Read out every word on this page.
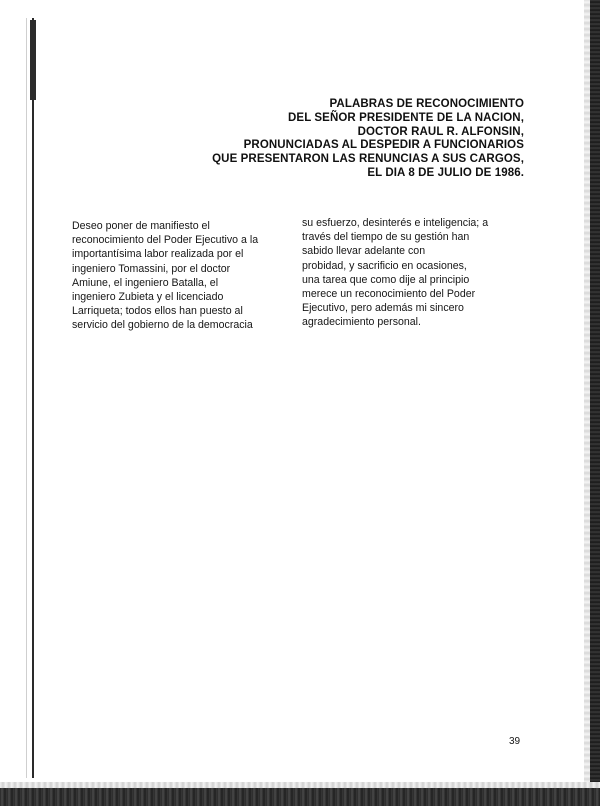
PALABRAS DE RECONOCIMIENTO
DEL SEÑOR PRESIDENTE DE LA NACION,
DOCTOR RAUL R. ALFONSIN,
PRONUNCIADAS AL DESPEDIR A FUNCIONARIOS
QUE PRESENTARON LAS RENUNCIAS A SUS CARGOS,
EL DIA 8 DE JULIO DE 1986.
Deseo poner de manifiesto el
reconocimiento del Poder Ejecutivo a la
importantísima labor realizada por el
ingeniero Tomassini, por el doctor
Amiune, el ingeniero Batalla, el
ingeniero Zubieta y el licenciado
Larriqueta; todos ellos han puesto al
servicio del gobierno de la democracia
su esfuerzo, desinterés e inteligencia; a
través del tiempo de su gestión han
sabido llevar adelante con
probidad, y sacrificio en ocasiones,
una tarea que como dije al principio
merece un reconocimiento del Poder
Ejecutivo, pero además mi sincero
agradecimiento personal.
39
